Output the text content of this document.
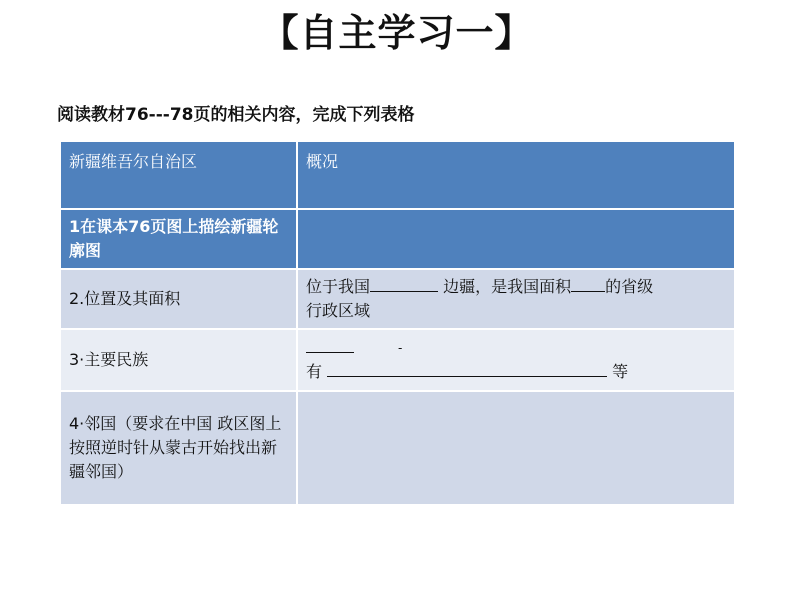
【自主学习一】
阅读教材76---78页的相关内容，完成下列表格
新疆维吾尔自治区	概况
1在课本76页图上描绘新疆轮廓图	
2.位置及其面积	位于我国 边疆，是我国面积 的省级
行政区域

3·主要民族	-
有 等

4·邻国（要求在中国 政区图上按照逆时针从蒙古开始找出新疆邻国）	
